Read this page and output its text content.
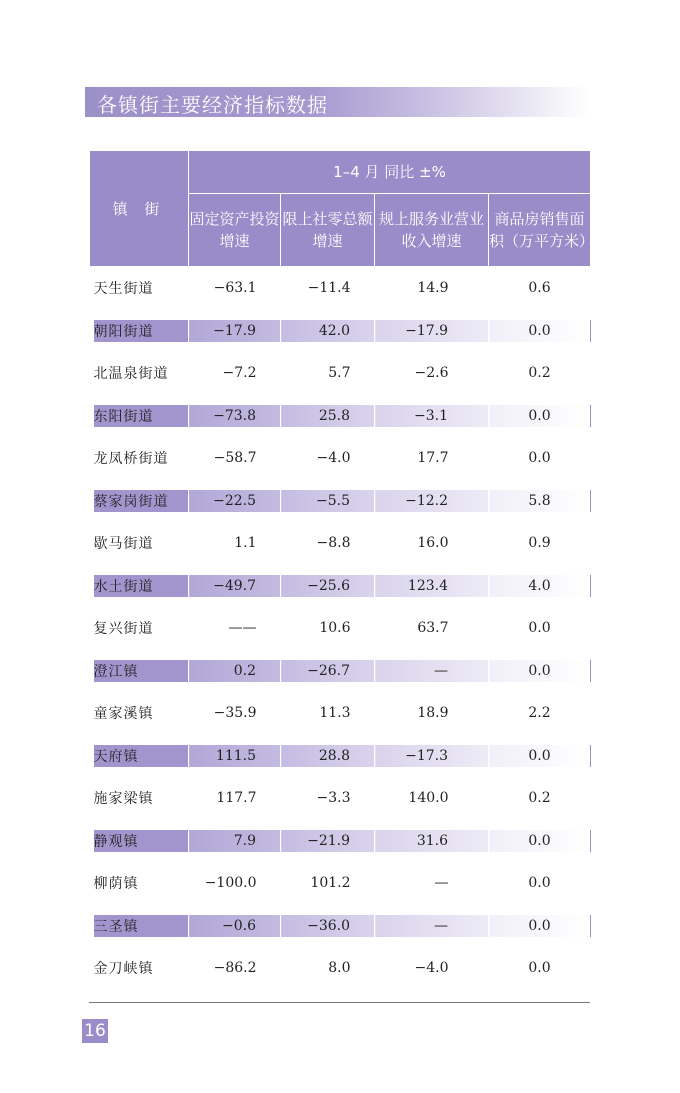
各镇街主要经济指标数据
镇 街	1–4 月 同比 ±%			
	固定资产投资增速	限上社零总额增速	规上服务业营业收入增速	商品房销售面积（万平方米）
天生街道	−63.1	−11.4	14.9	0.6
朝阳街道	−17.9	42.0	−17.9	0.0
北温泉街道	−7.2	5.7	−2.6	0.2
东阳街道	−73.8	25.8	−3.1	0.0
龙凤桥街道	−58.7	−4.0	17.7	0.0
蔡家岗街道	−22.5	−5.5	−12.2	5.8
歇马街道	1.1	−8.8	16.0	0.9
水土街道	−49.7	−25.6	123.4	4.0
复兴街道	——	10.6	63.7	0.0
澄江镇	0.2	−26.7	—	0.0
童家溪镇	−35.9	11.3	18.9	2.2
天府镇	111.5	28.8	−17.3	0.0
施家梁镇	117.7	−3.3	140.0	0.2
静观镇	7.9	−21.9	31.6	0.0
柳荫镇	−100.0	101.2	—	0.0
三圣镇	−0.6	−36.0	—	0.0
金刀峡镇	−86.2	8.0	−4.0	0.0
16
